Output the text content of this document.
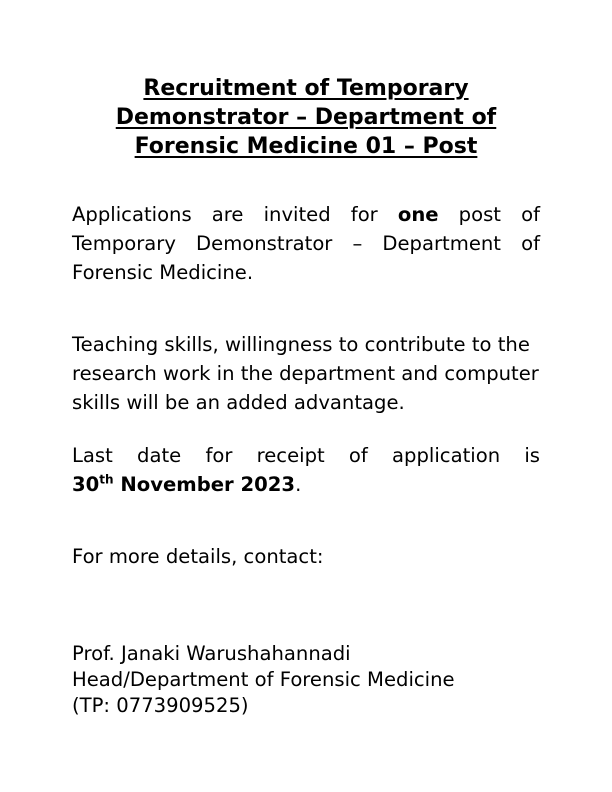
Recruitment of Temporary
Demonstrator – Department of
Forensic Medicine 01 – Post

Applications are invited for one post of
Temporary Demonstrator – Department of
Forensic Medicine.

Teaching skills, willingness to contribute to the
research work in the department and computer
skills will be an added advantage.

Last date for receipt of application is
30th November 2023.

For more details, contact:

Prof. Janaki Warushahannadi
Head/Department of Forensic Medicine
(TP: 0773909525)
